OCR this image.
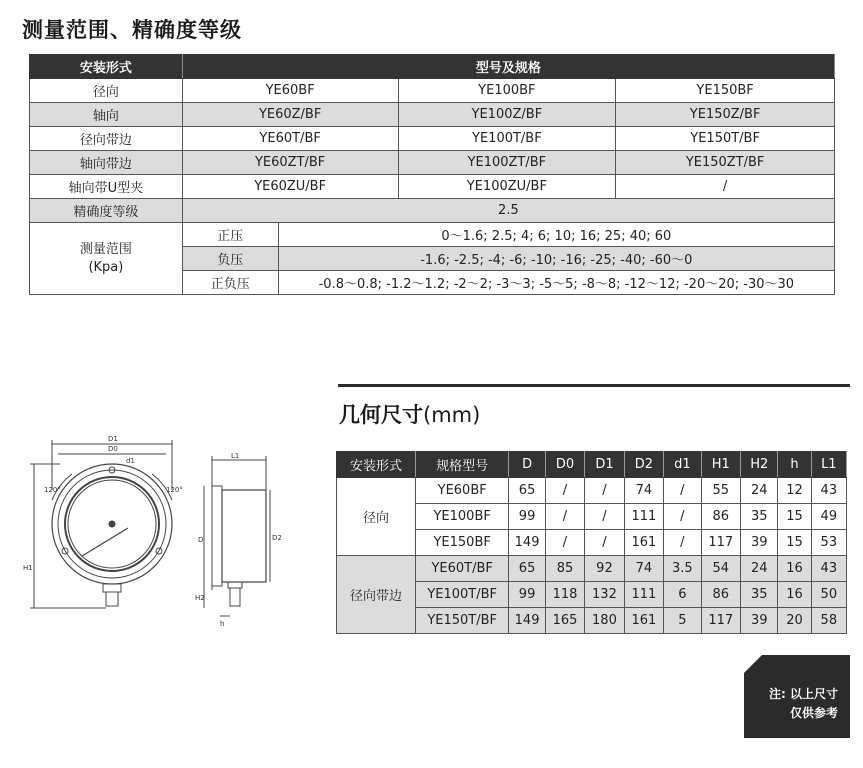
测量范围、精确度等级
安装形式	型号及规格			
径向	YE60BF		YE100BF	YE150BF
轴向	YE60Z/BF		YE100Z/BF	YE150Z/BF
径向带边	YE60T/BF		YE100T/BF	YE150T/BF
轴向带边	YE60ZT/BF		YE100ZT/BF	YE150ZT/BF
轴向带U型夹	YE60ZU/BF		YE100ZU/BF	/
精确度等级	2.5			
测量范围
(Kpa)	正压	0～1.6; 2.5; 4; 6; 10; 16; 25; 40; 60		
	负压	-1.6; -2.5; -4; -6; -10; -16; -25; -40; -60～0		
	正负压	-0.8～0.8; -1.2～1.2; -2～2; -3～3; -5～5; -8～8; -12～12; -20～20; -30～30		
几何尺寸(mm)
安装形式	规格型号	D	D0	D1	D2	d1	H1	H2	h	L1
径向	YE60BF	65	/	/	74	/	55	24	12	43
	YE100BF	99	/	/	111	/	86	35	15	49
	YE150BF	149	/	/	161	/	117	39	15	53
径向带边	YE60T/BF	65	85	92	74	3.5	54	24	16	43
	YE100T/BF	99	118	132	111	6	86	35	16	50
	YE150T/BF	149	165	180	161	5	117	39	20	58
注: 以上尺寸
仅供参考
D1
D0
d1
120°	120°
H1
L1
D	D2
H2
h
